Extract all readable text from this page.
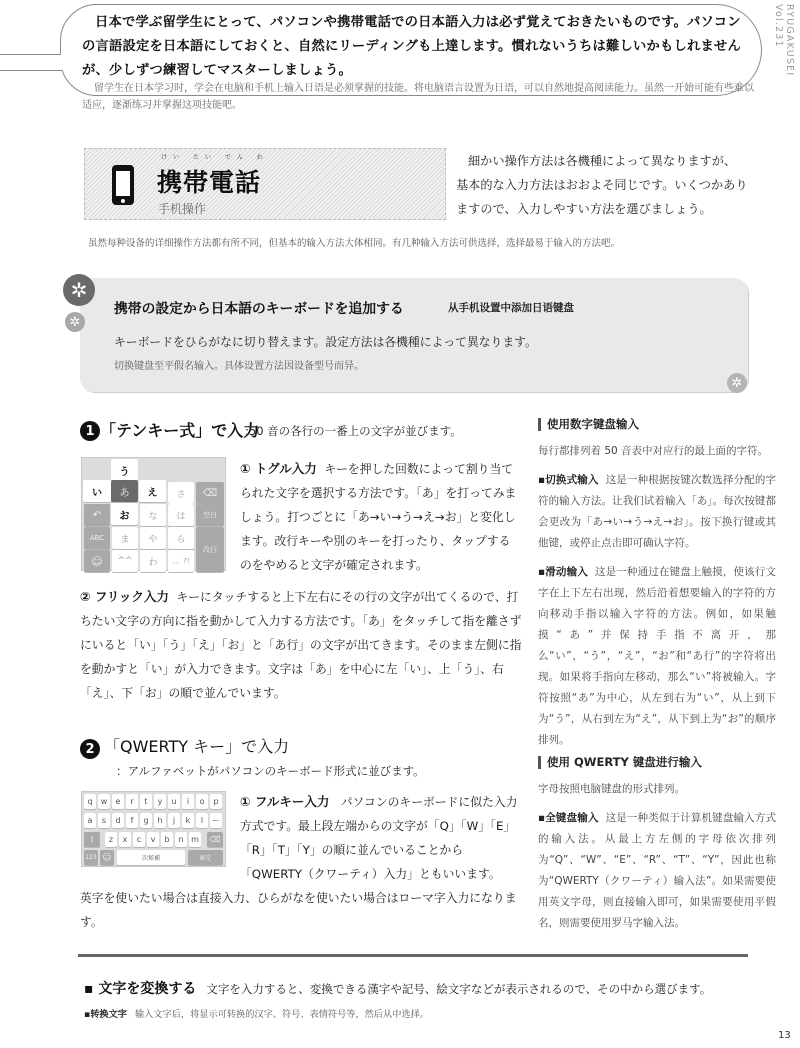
RYUGAKUSEI Vol.231

日本で学ぶ留学生にとって、パソコンや携帯電話での日本語入力は必ず覚えておきたいものです。パソコンの言語設定を日本語にしておくと、自然にリーディングも上達します。慣れないうちは難しいかもしれませんが、少しずつ練習してマスターしましょう。

留学生在日本学习时，学会在电脑和手机上输入日语是必须掌握的技能。将电脑语言设置为日语，可以自然地提高阅读能力。虽然一开始可能有些难以适应，逐渐练习并掌握这项技能吧。

けい たい でん わ
携帯電話
手机操作

細かい操作方法は各機種によって異なりますが、基本的な入力方法はおおよそ同じです。いくつかありますので、入力しやすい方法を選びましょう。

虽然每种设备的详细操作方法都有所不同，但基本的输入方法大体相同。有几种输入方法可供选择，选择最易于输入的方法吧。

✲
✲
✲
携帯の設定から日本語のキーボードを追加する	从手机设置中添加日语键盘

キーボードをひらがなに切り替えます。設定方法は各機種によって異なります。

切换键盘至平假名输入。具体设置方法因设备型号而异。

1 「テンキー式」で入力
:50 音の各行の一番上の文字が並びます。
う
い	あ	え	さ	⌫
↶	お	な	は	空白
ABC	ま	や	ら
改行
☺	^^	わ	、。?!

① トグル入力 キーを押した回数によって割り当てられた文字を選択する方法です。「あ」を打ってみましょう。打つごとに「あ→い→う→え→お」と変化します。改行キーや別のキーを打ったり、タップするのをやめると文字が確定されます。

② フリック入力 キーにタッチすると上下左右にその行の文字が出てくるので、打ちたい文字の方向に指を動かして入力する方法です。「あ」をタッチして指を離さずにいると「い」「う」「え」「お」と「あ行」の文字が出てきます。そのまま左側に指を動かすと「い」が入力できます。文字は「あ」を中心に左「い」、上「う」、右「え」、下「お」の順で並んでいます。

2 「QWERTY キー」で入力
：アルファベットがパソコンのキーボード形式に並びます。
q	w	e	r	t	y	u	i	o	p
a	s	d	f	g	h	j	k	l	ー
⇧	z	x	c	v	b	n m ⌫
123 ☺	次候補	確定

① フルキー入力 パソコンのキーボードに似た入力方式です。最上段左端からの文字が「Q」「W」「E」「R」「T」「Y」の順に並んでいることから「QWERTY（クワーティ）入力」ともいいます。

英字を使いたい場合は直接入力、ひらがなを使いたい場合はローマ字入力になります。

使用数字键盘输入

每行都排列着 50 音表中对应行的最上面的字符。

▪切换式输入 这是一种根据按键次数选择分配的字符的输入方法。让我们试着输入「あ」。每次按键都会更改为「あ→い→う→え→お」。按下换行键或其他键，或停止点击即可确认字符。

▪滑动输入 这是一种通过在键盘上触摸，使该行文字在上下左右出现，然后沿着想要输入的字符的方向移动手指以输入字符的方法。例如，如果触摸“あ”并保持手指不离开，那么“い”，“う”，“え”，“お”和“あ行”的字符将出现。如果将手指向左移动，那么“い”将被输入。字符按照“あ”为中心，从左到右为“い”，从上到下为“う”，从右到左为“え”，从下到上为“お”的顺序排列。

使用 QWERTY 键盘进行输入

字母按照电脑键盘的形式排列。

▪全键盘输入 这是一种类似于计算机键盘输入方式的输入法。从最上方左侧的字母依次排列为“Q”、“W”、“E”、“R”、“T”、“Y”，因此也称为“QWERTY（クワーティ）输入法”。如果需要使用英文字母，则直接输入即可，如果需要使用平假名，则需要使用罗马字输入法。

▪ 文字を変換する 文字を入力すると、変換できる漢字や記号、絵文字などが表示されるので、その中から選びます。

▪转换文字 输入文字后，将显示可转换的汉字、符号、表情符号等，然后从中选择。

13
